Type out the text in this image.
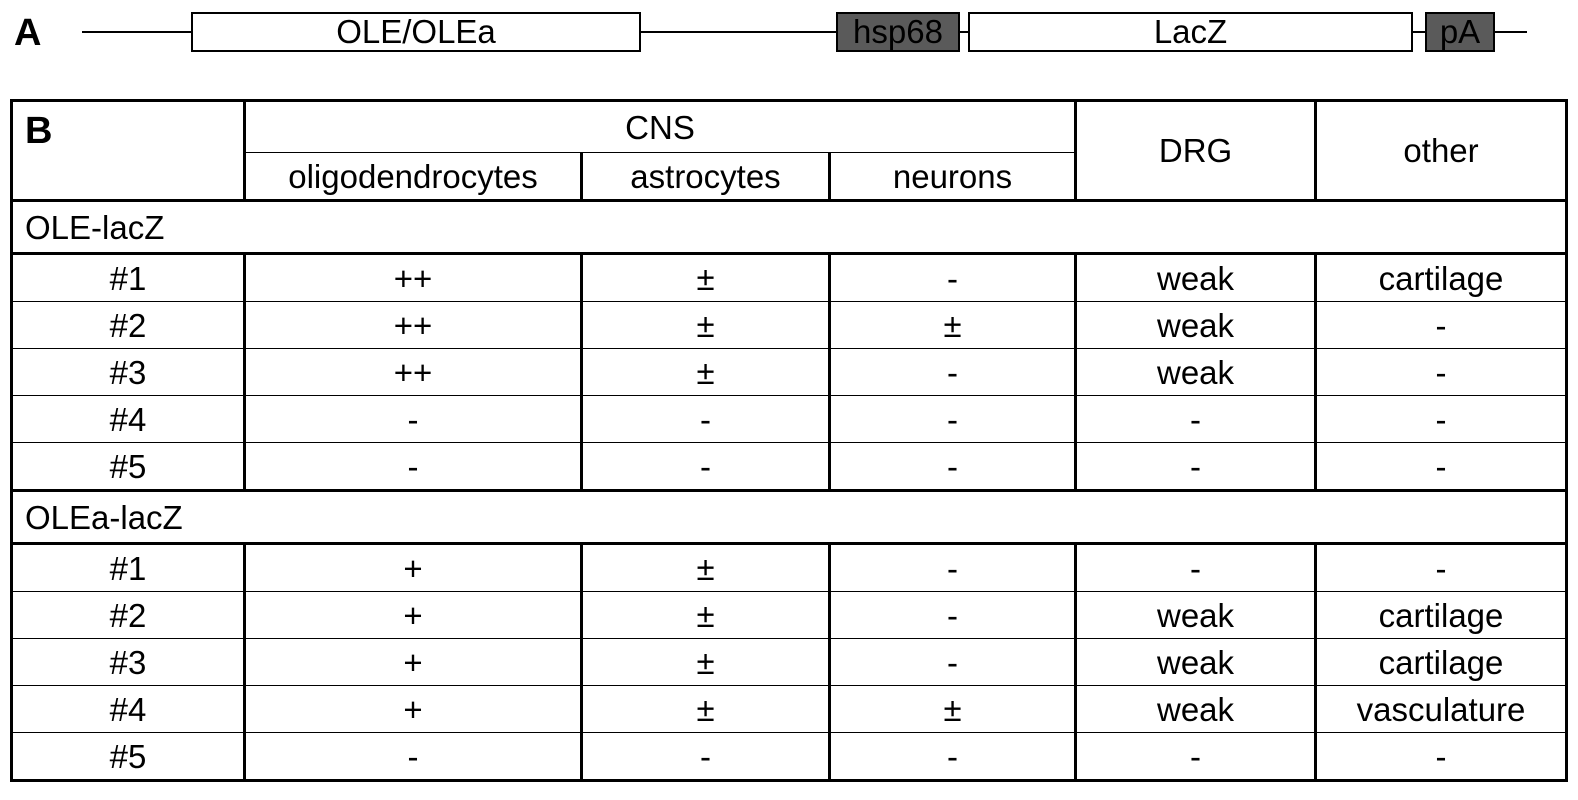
A	OLE/OLEa	hsp68	LacZ	pA
B	CNS			DRG	other
	oligodendrocytes	astrocytes	neurons		
OLE-lacZ					
#1	++	±	-	weak	cartilage
#2	++	±	±	weak	-
#3	++	±	-	weak	-
#4	-	-	-	-	-
#5	-	-	-	-	-
OLEa-lacZ					
#1	+	±	-	-	-
#2	+	±	-	weak	cartilage
#3	+	±	-	weak	cartilage
#4	+	±	±	weak	vasculature
#5	-	-	-	-	-
